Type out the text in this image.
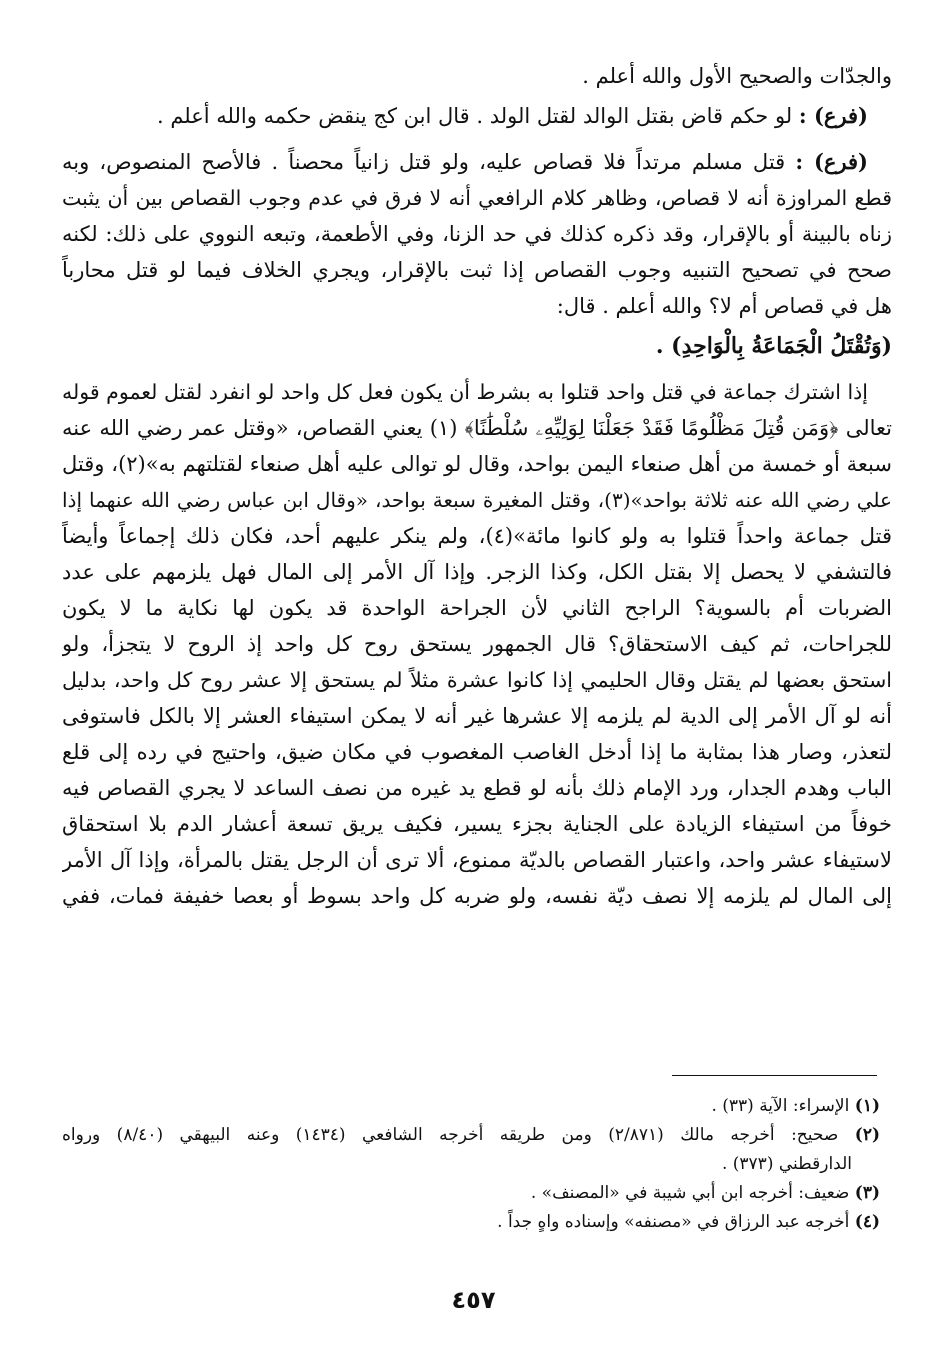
والجدّات والصحيح الأول والله أعلم .
(فرع) : لو حكم قاض بقتل الوالد لقتل الولد . قال ابن كج ينقض حكمه والله أعلم .
(فرع) : قتل مسلم مرتداً فلا قصاص عليه، ولو قتل زانياً محصناً . فالأصح المنصوص، وبه
قطع المراوزة أنه لا قصاص، وظاهر كلام الرافعي أنه لا فرق في عدم وجوب القصاص بين أن يثبت
زناه بالبينة أو بالإقرار، وقد ذكره كذلك في حد الزنا، وفي الأطعمة، وتبعه النووي على ذلك: لكنه
صحح في تصحيح التنبيه وجوب القصاص إذا ثبت بالإقرار، ويجري الخلاف فيما لو قتل محارباً
هل في قصاص أم لا؟ والله أعلم . قال:
(وَتُقْتَلُ الْجَمَاعَةُ بِالْوَاحِدِ) .
إذا اشترك جماعة في قتل واحد قتلوا به بشرط أن يكون فعل كل واحد لو انفرد لقتل لعموم قوله
تعالى ﴿وَمَن قُتِلَ مَظْلُومًا فَقَدْ جَعَلْنَا لِوَلِيِّهِۦ سُلْطَٰنًا﴾ (١) يعني القصاص، «وقتل عمر رضي الله عنه
سبعة أو خمسة من أهل صنعاء اليمن بواحد، وقال لو توالى عليه أهل صنعاء لقتلتهم به»(٢)، وقتل
علي رضي الله عنه ثلاثة بواحد»(٣)، وقتل المغيرة سبعة بواحد، «وقال ابن عباس رضي الله عنهما إذا
قتل جماعة واحداً قتلوا به ولو كانوا مائة»(٤)، ولم ينكر عليهم أحد، فكان ذلك إجماعاً وأيضاً
فالتشفي لا يحصل إلا بقتل الكل، وكذا الزجر. وإذا آل الأمر إلى المال فهل يلزمهم على عدد
الضربات أم بالسوية؟ الراجح الثاني لأن الجراحة الواحدة قد يكون لها نكاية ما لا يكون
للجراحات، ثم كيف الاستحقاق؟ قال الجمهور يستحق روح كل واحد إذ الروح لا يتجزأ، ولو
استحق بعضها لم يقتل وقال الحليمي إذا كانوا عشرة مثلاً لم يستحق إلا عشر روح كل واحد، بدليل
أنه لو آل الأمر إلى الدية لم يلزمه إلا عشرها غير أنه لا يمكن استيفاء العشر إلا بالكل فاستوفى
لتعذر، وصار هذا بمثابة ما إذا أدخل الغاصب المغصوب في مكان ضيق، واحتيج في رده إلى قلع
الباب وهدم الجدار، ورد الإمام ذلك بأنه لو قطع يد غيره من نصف الساعد لا يجري القصاص فيه
خوفاً من استيفاء الزيادة على الجناية بجزء يسير، فكيف يريق تسعة أعشار الدم بلا استحقاق
لاستيفاء عشر واحد، واعتبار القصاص بالديّة ممنوع، ألا ترى أن الرجل يقتل بالمرأة، وإذا آل الأمر
إلى المال لم يلزمه إلا نصف ديّة نفسه، ولو ضربه كل واحد بسوط أو بعصا خفيفة فمات، ففي
(١) الإسراء: الآية (٣٣) .
(٢) صحيح: أخرجه مالك (٢/٨٧١) ومن طريقه أخرجه الشافعي (١٤٣٤) وعنه البيهقي (٨/٤٠) ورواه
الدارقطني (٣٧٣) .
(٣) ضعيف: أخرجه ابن أبي شيبة في «المصنف» .
(٤) أخرجه عبد الرزاق في «مصنفه» وإسناده واهٍ جداً .
٤٥٧
